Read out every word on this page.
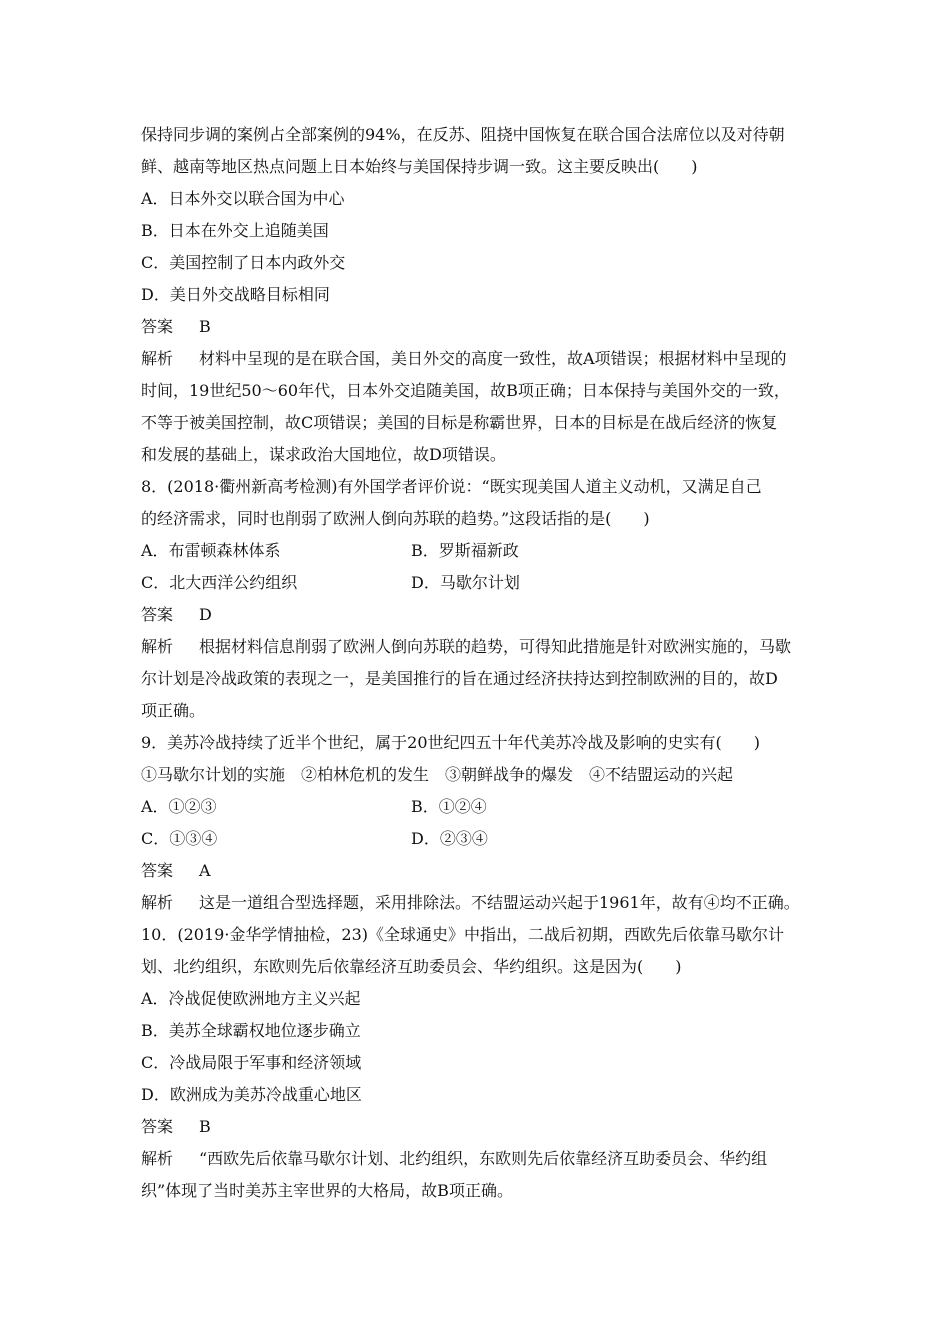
保持同步调的案例占全部案例的94%，在反苏、阻挠中国恢复在联合国合法席位以及对待朝
鲜、越南等地区热点问题上日本始终与美国保持步调一致。这主要反映出(　　)
A．日本外交以联合国为中心
B．日本在外交上追随美国
C．美国控制了日本内政外交
D．美日外交战略目标相同
答案 B
解析 材料中呈现的是在联合国，美日外交的高度一致性，故A项错误；根据材料中呈现的
时间，19世纪50～60年代，日本外交追随美国，故B项正确；日本保持与美国外交的一致，
不等于被美国控制，故C项错误；美国的目标是称霸世界，日本的目标是在战后经济的恢复
和发展的基础上，谋求政治大国地位，故D项错误。
8．(2018·衢州新高考检测)有外国学者评价说：“既实现美国人道主义动机，又满足自己
的经济需求，同时也削弱了欧洲人倒向苏联的趋势。”这段话指的是(　　)
A．布雷顿森林体系	B．罗斯福新政
C．北大西洋公约组织	D．马歇尔计划
答案 D
解析 根据材料信息削弱了欧洲人倒向苏联的趋势，可得知此措施是针对欧洲实施的，马歇
尔计划是冷战政策的表现之一，是美国推行的旨在通过经济扶持达到控制欧洲的目的，故D
项正确。
9．美苏冷战持续了近半个世纪，属于20世纪四五十年代美苏冷战及影响的史实有(　　)
①马歇尔计划的实施　②柏林危机的发生　③朝鲜战争的爆发　④不结盟运动的兴起
A．①②③	B．①②④
C．①③④	D．②③④
答案 A
解析 这是一道组合型选择题，采用排除法。不结盟运动兴起于1961年，故有④均不正确。
10．(2019·金华学情抽检，23)《全球通史》中指出，二战后初期，西欧先后依靠马歇尔计
划、北约组织，东欧则先后依靠经济互助委员会、华约组织。这是因为(　　)
A．冷战促使欧洲地方主义兴起
B．美苏全球霸权地位逐步确立
C．冷战局限于军事和经济领域
D．欧洲成为美苏冷战重心地区
答案 B
解析 “西欧先后依靠马歇尔计划、北约组织，东欧则先后依靠经济互助委员会、华约组
织”体现了当时美苏主宰世界的大格局，故B项正确。
